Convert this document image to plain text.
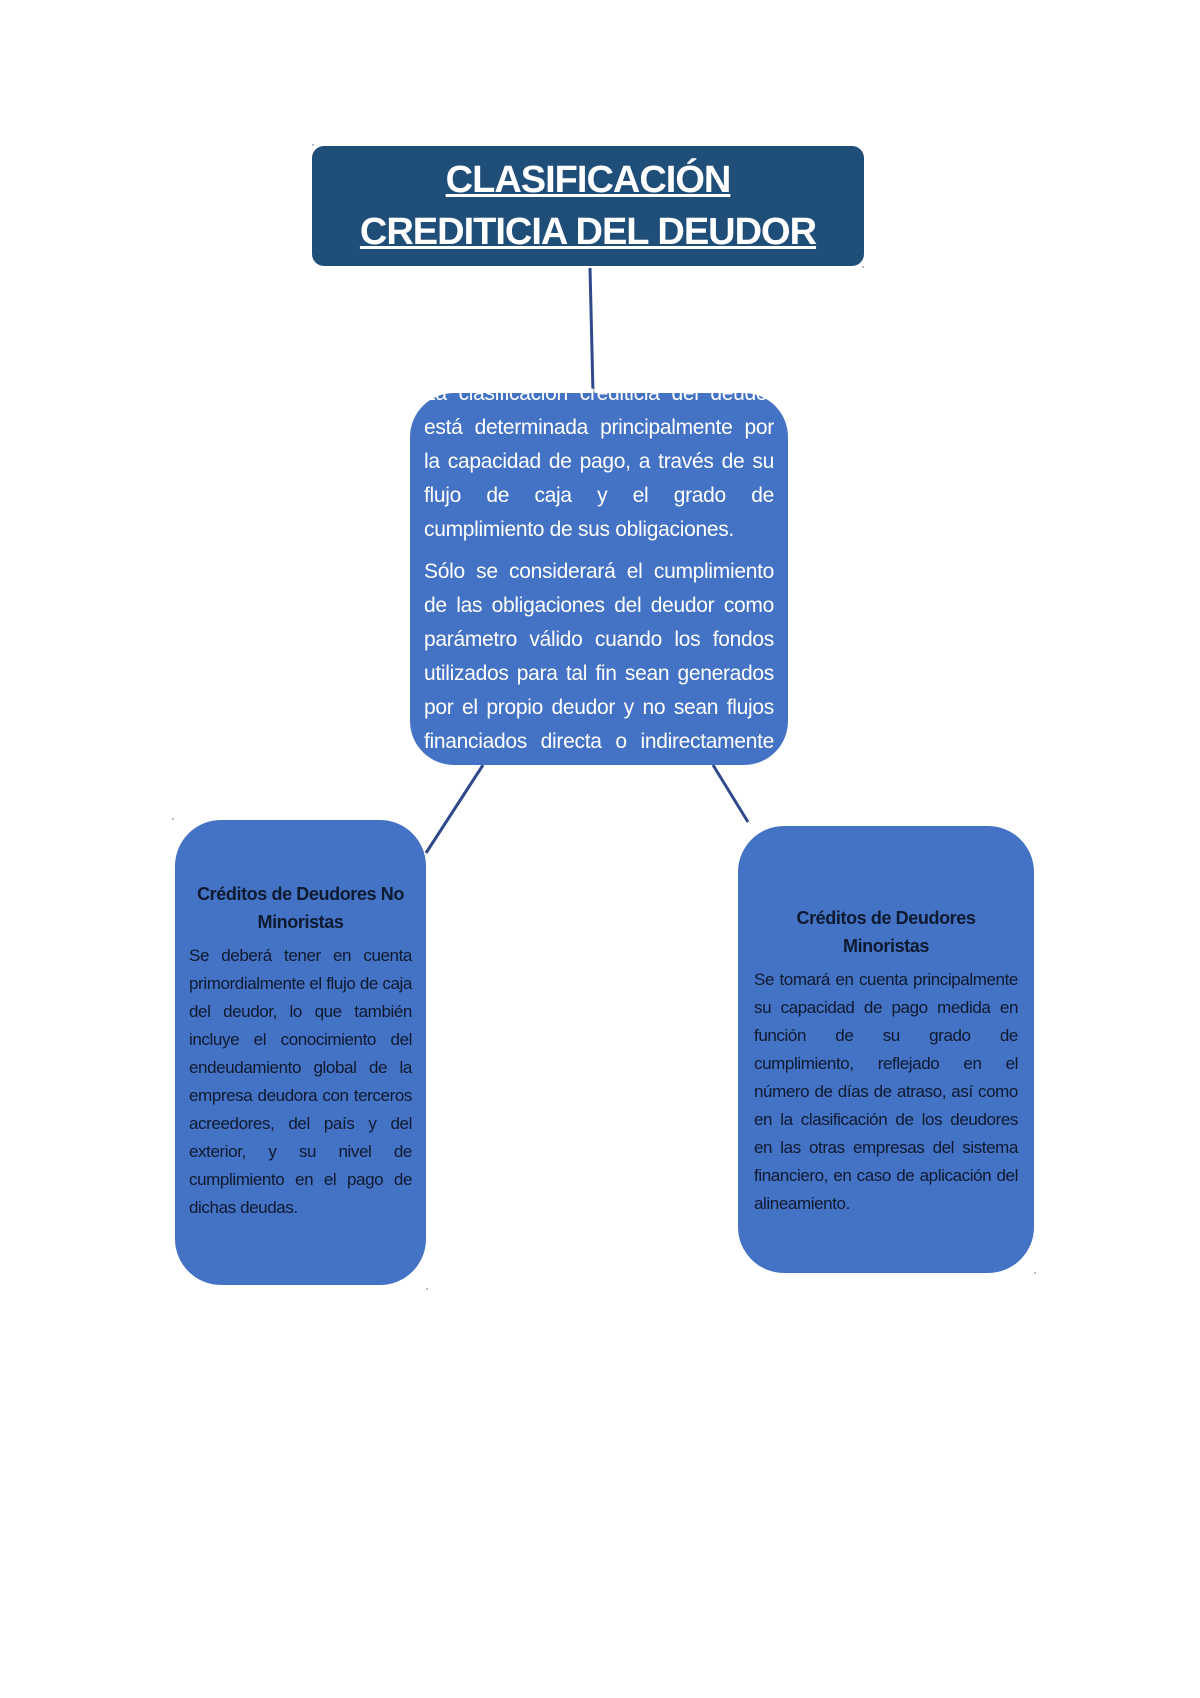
CLASIFICACIÓN CREDITICIA DEL DEUDOR

La clasificación crediticia del deudor está determinada principalmente por la capacidad de pago, a través de su flujo de caja y el grado de cumplimiento de sus obligaciones.

Sólo se considerará el cumplimiento de las obligaciones del deudor como parámetro válido cuando los fondos utilizados para tal fin sean generados por el propio deudor y no sean flujos financiados directa o indirectamente por

Créditos de Deudores No Minoristas
Se deberá tener en cuenta primordialmente el flujo de caja del deudor, lo que también incluye el conocimiento del endeudamiento global de la empresa deudora con terceros acreedores, del país y del exterior, y su nivel de cumplimiento en el pago de dichas deudas.
Créditos de Deudores Minoristas
Se tomará en cuenta principalmente su capacidad de pago medida en función de su grado de cumplimiento, reflejado en el número de días de atraso, así como en la clasificación de los deudores en las otras empresas del sistema financiero, en caso de aplicación del alineamiento.
